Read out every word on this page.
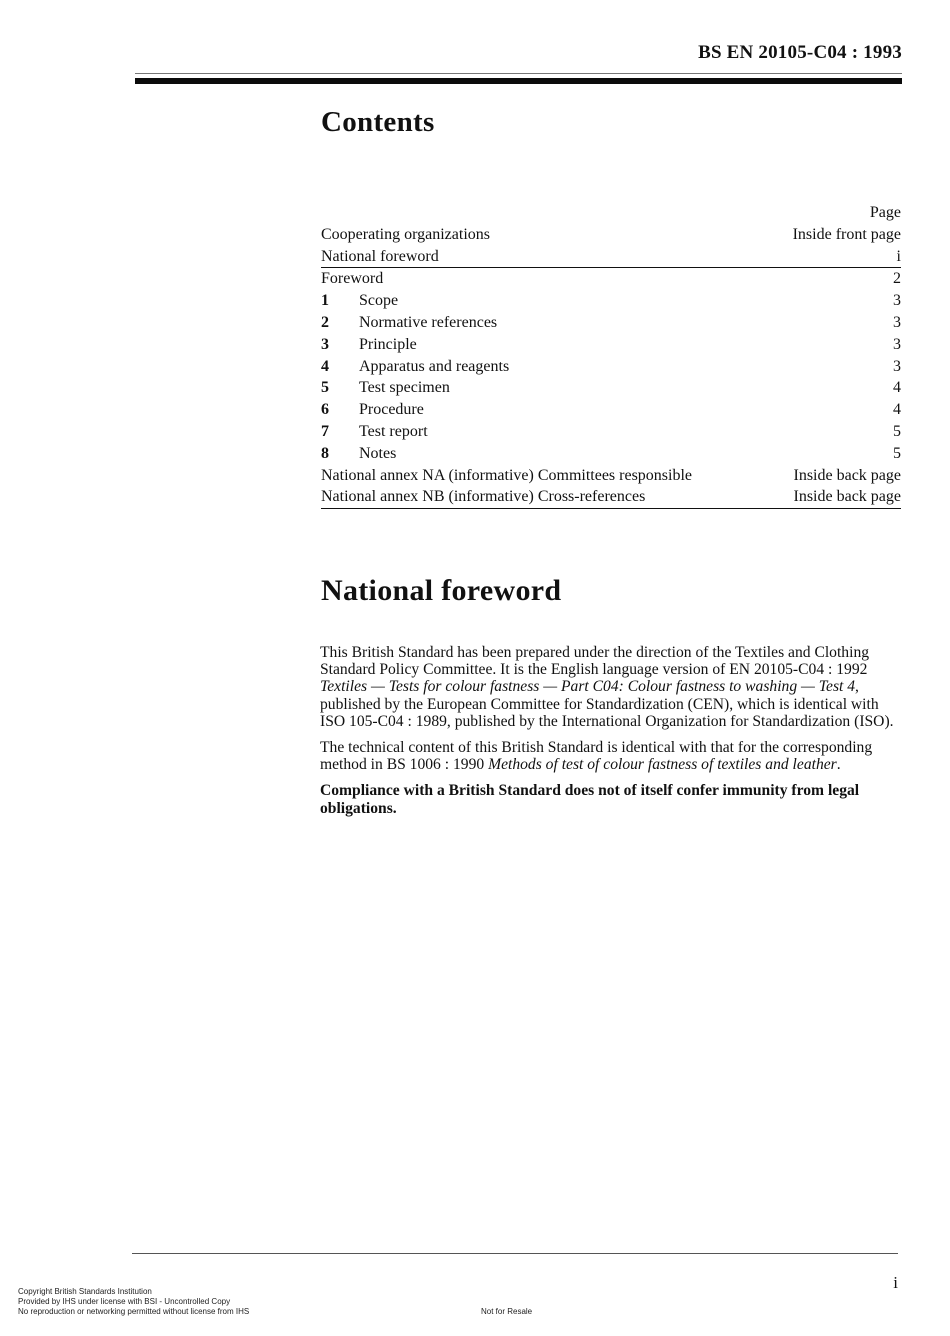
BS EN 20105-C04 : 1993
Contents
Page
Cooperating organizations	Inside front page
National foreword	i
Foreword	2
1	Scope	3
2	Normative references	3
3	Principle	3
4	Apparatus and reagents	3
5	Test specimen	4
6	Procedure	4
7	Test report	5
8	Notes	5
National annex NA (informative) Committees responsible	Inside back page
National annex NB (informative) Cross-references	Inside back page
National foreword

This British Standard has been prepared under the direction of the Textiles and Clothing Standard Policy Committee. It is the English language version of EN 20105-C04 : 1992 Textiles — Tests for colour fastness — Part C04: Colour fastness to washing — Test 4, published by the European Committee for Standardization (CEN), which is identical with ISO 105-C04 : 1989, published by the International Organization for Standardization (ISO).

The technical content of this British Standard is identical with that for the corresponding method in BS 1006 : 1990 Methods of test of colour fastness of textiles and leather.

Compliance with a British Standard does not of itself confer immunity from legal obligations.

i
Copyright British Standards Institution
Provided by IHS under license with BSI - Uncontrolled Copy
No reproduction or networking permitted without license from IHS	Not for Resale
